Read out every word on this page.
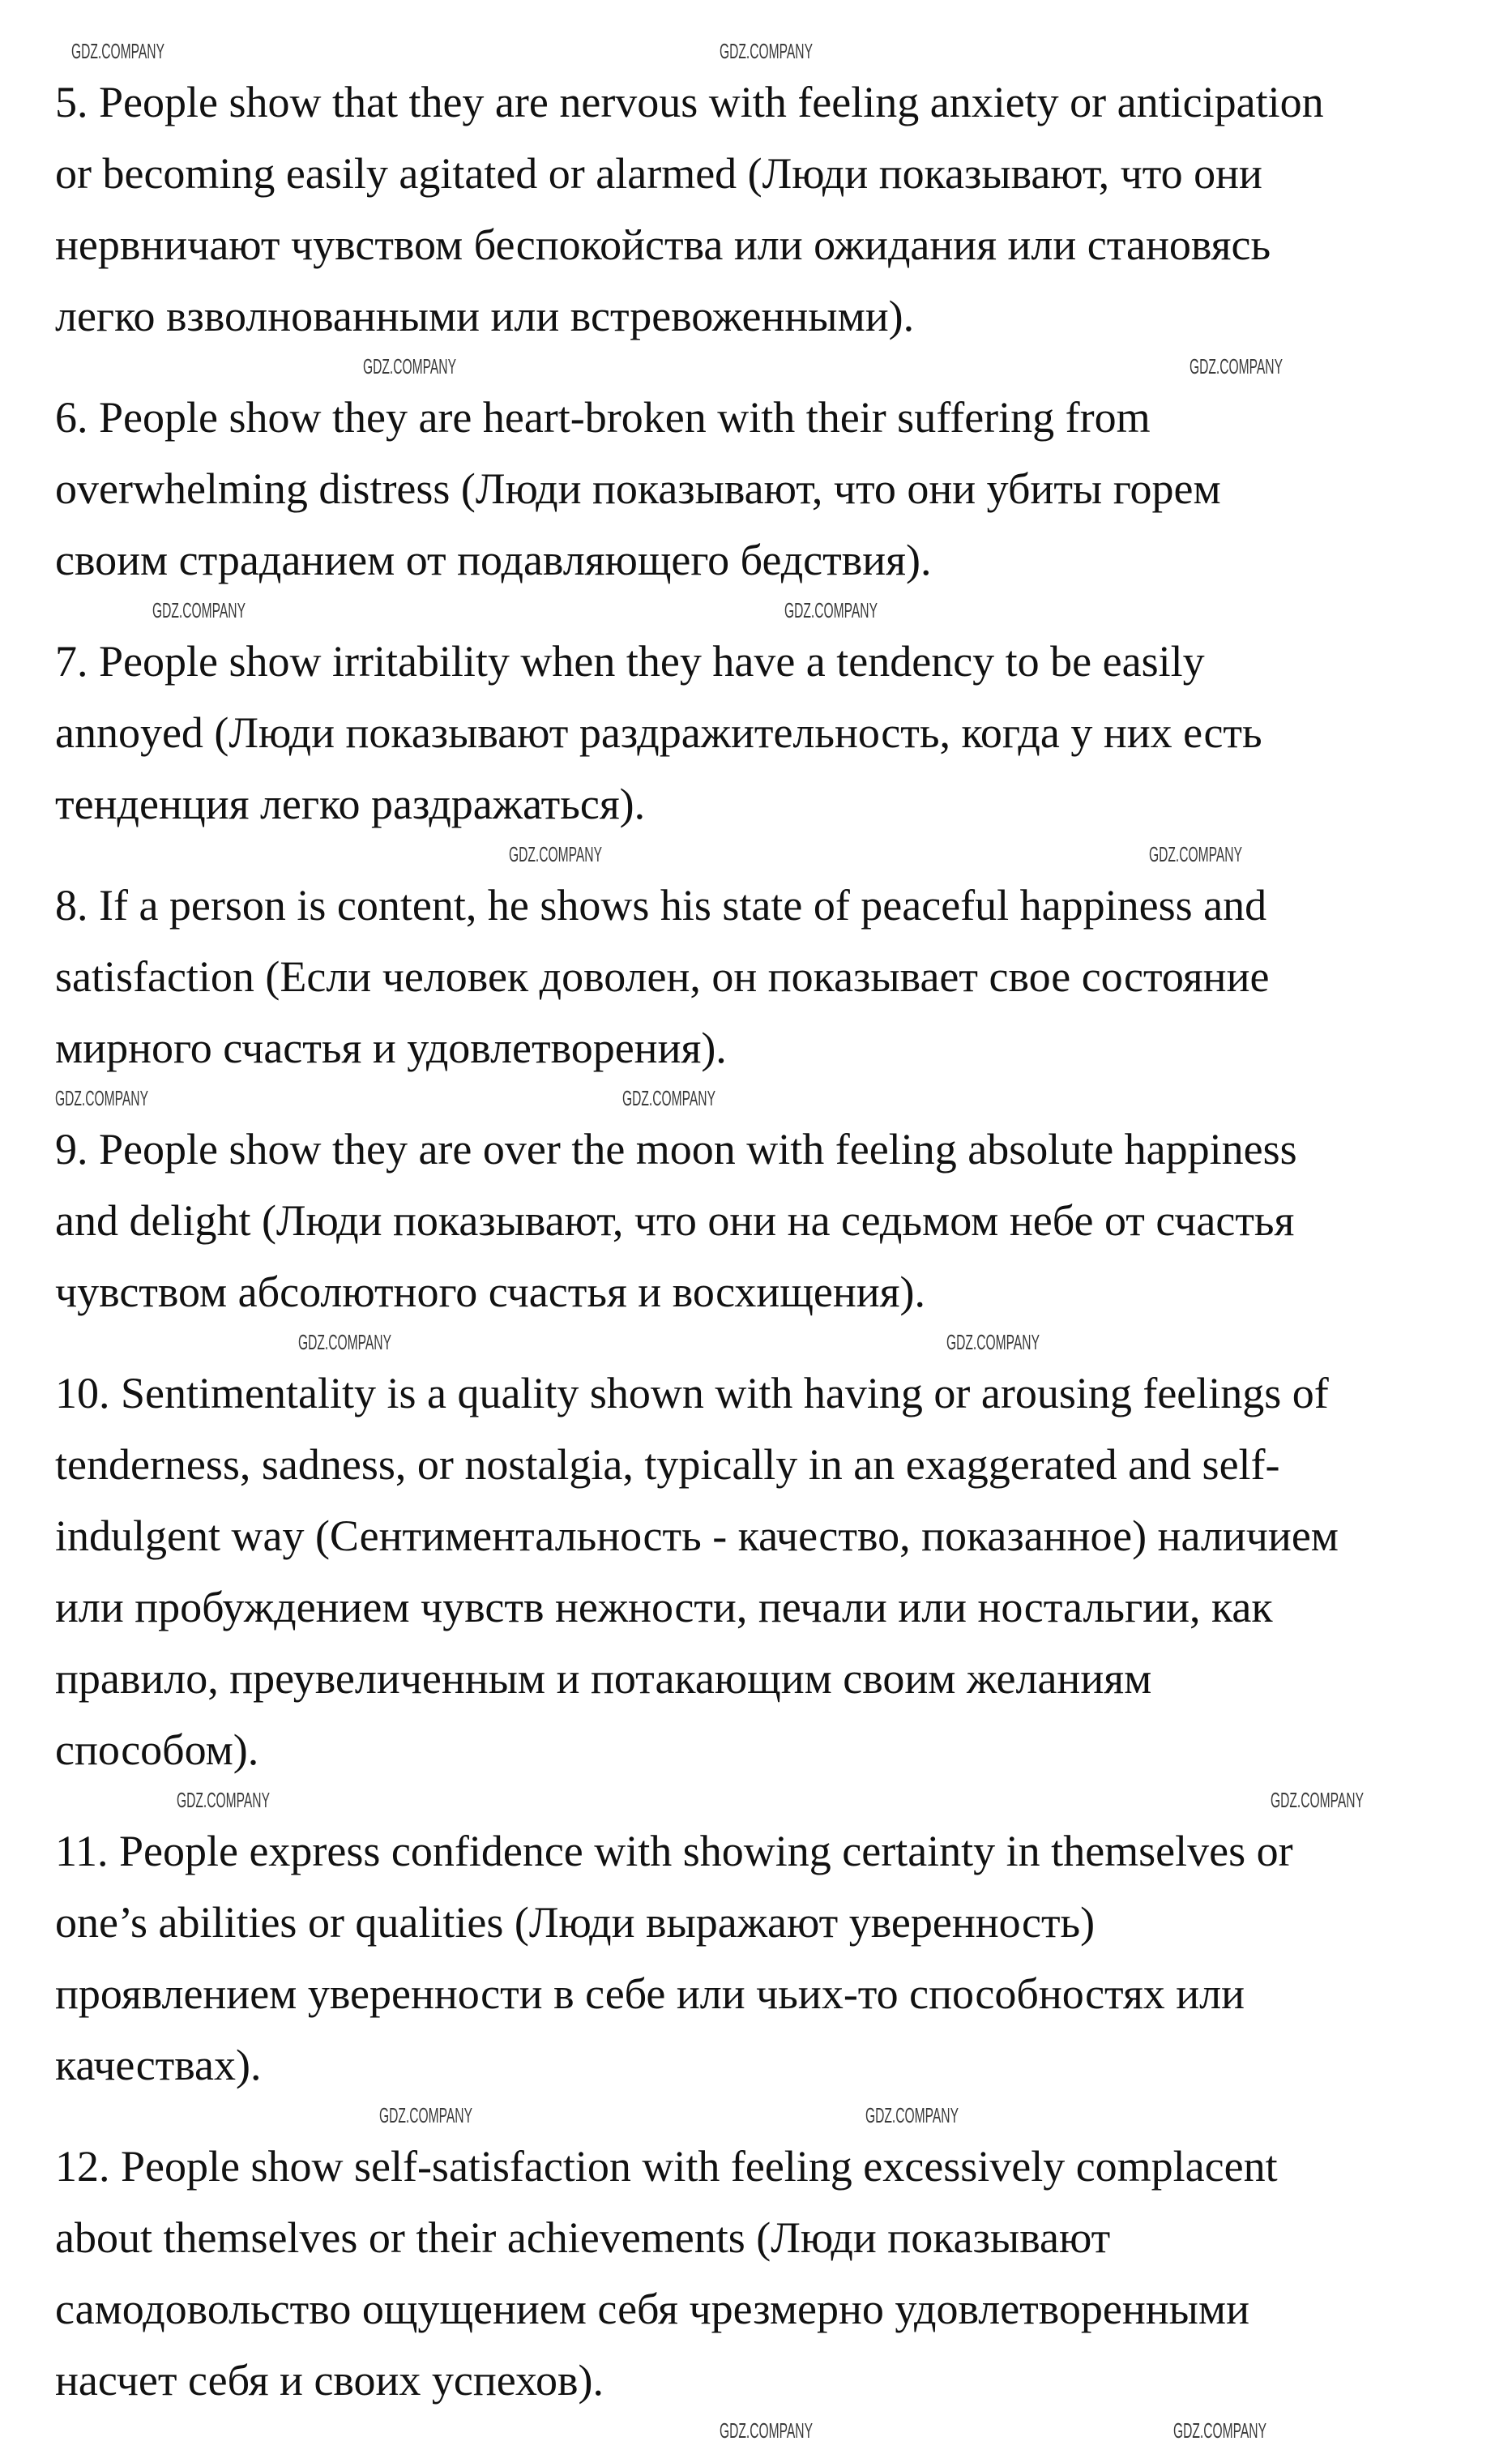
GDZ.COMPANY	GDZ.COMPANY
5. People show that they are nervous with feeling anxiety or anticipation
or becoming easily agitated or alarmed (Люди показывают, что они
нервничают чувством беспокойства или ожидания или становясь
легко взволнованными или встревоженными).
GDZ.COMPANY	GDZ.COMPANY
6. People show they are heart-broken with their suffering from
overwhelming distress (Люди показывают, что они убиты горем
своим страданием от подавляющего бедствия).
GDZ.COMPANY	GDZ.COMPANY
7. People show irritability when they have a tendency to be easily
annoyed (Люди показывают раздражительность, когда у них есть
тенденция легко раздражаться).
GDZ.COMPANY	GDZ.COMPANY
8. If a person is content, he shows his state of peaceful happiness and
satisfaction (Если человек доволен, он показывает свое состояние
мирного счастья и удовлетворения).
GDZ.COMPANY	GDZ.COMPANY
9. People show they are over the moon with feeling absolute happiness
and delight (Люди показывают, что они на седьмом небе от счастья
чувством абсолютного счастья и восхищения).
GDZ.COMPANY	GDZ.COMPANY
10. Sentimentality is a quality shown with having or arousing feelings of
tenderness, sadness, or nostalgia, typically in an exaggerated and self-
indulgent way (Сентиментальность - качество, показанное) наличием
или пробуждением чувств нежности, печали или ностальгии, как
правило, преувеличенным и потакающим своим желаниям
способом).
GDZ.COMPANY	GDZ.COMPANY
11. People express confidence with showing certainty in themselves or
one’s abilities or qualities (Люди выражают уверенность)
проявлением уверенности в себе или чьих-то способностях или
качествах).
GDZ.COMPANY	GDZ.COMPANY
12. People show self-satisfaction with feeling excessively complacent
about themselves or their achievements (Люди показывают
самодовольство ощущением себя чрезмерно удовлетворенными
насчет себя и своих успехов).
GDZ.COMPANY	GDZ.COMPANY
